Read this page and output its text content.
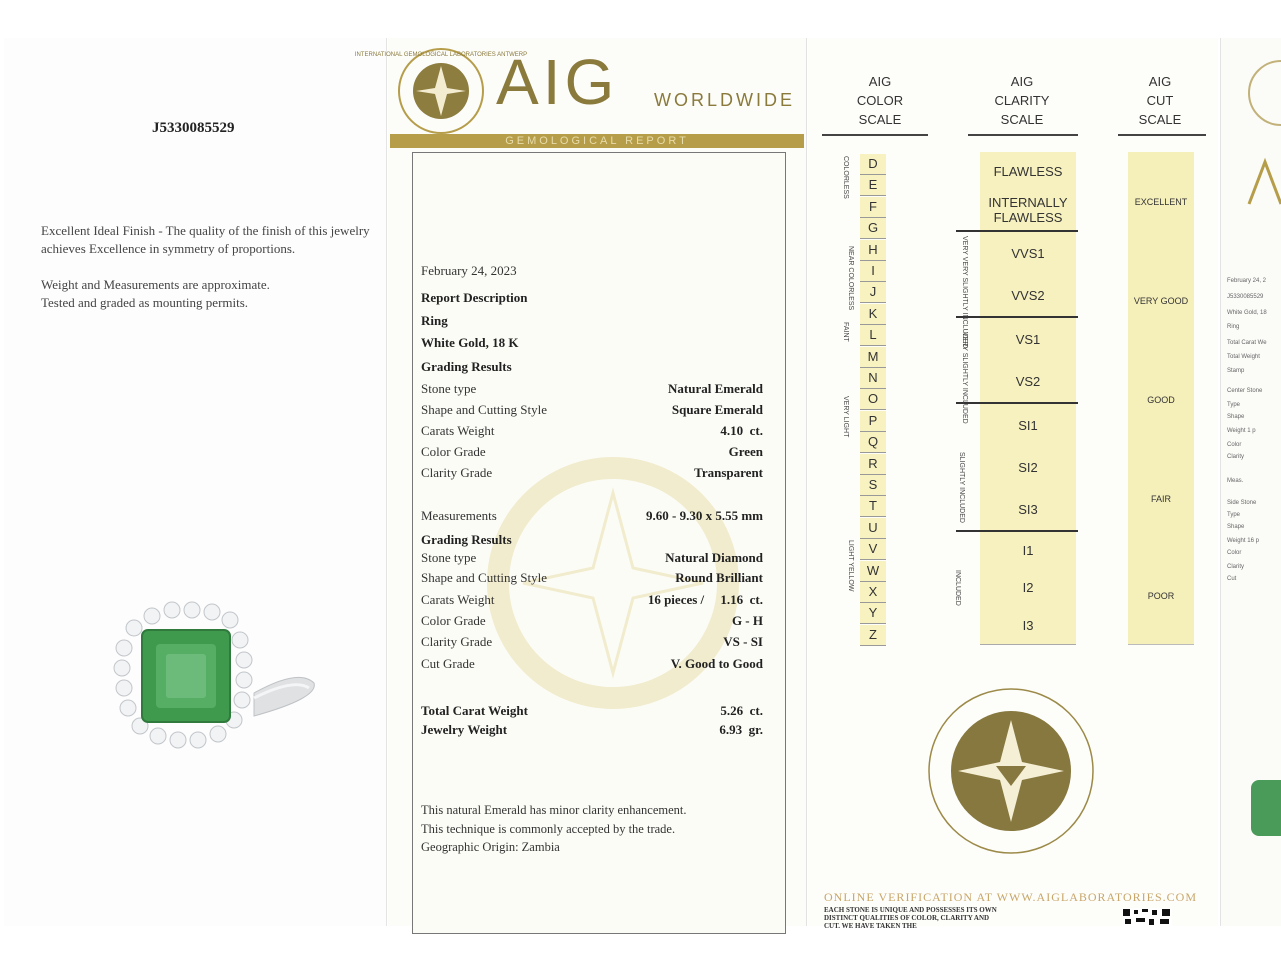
J5330085529
Excellent Ideal Finish - The quality of the finish of this jewelry achieves Excellence in symmetry of proportions.
Weight and Measurements are approximate.
Tested and graded as mounting permits.
INTERNATIONAL GEMOLOGICAL LABORATORIES ANTWERP
AIG WORLDWIDE
GEMOLOGICAL REPORT
February 24, 2023
Report Description
Ring
White Gold, 18 K
Grading Results
Stone type	Natural Emerald
Shape and Cutting Style	Square Emerald
Carats Weight	4.10  ct.
Color Grade	Green
Clarity Grade	Transparent
Measurements	9.60 - 9.30 x 5.55 mm
Grading Results
Stone type	Natural Diamond
Shape and Cutting Style	Round Brilliant
Carats Weight	16 pieces /     1.16  ct.
Color Grade	G - H
Clarity Grade	VS - SI
Cut Grade	V. Good to Good
Total Carat Weight	5.26  ct.
Jewelry Weight	6.93  gr.
This natural Emerald has minor clarity enhancement.
This technique is commonly accepted by the trade.
Geographic Origin: Zambia
AIG
COLOR
SCALE
AIG
CLARITY
SCALE
AIG
CUT
SCALE
COLORLESS
NEAR COLORLESS
FAINT
VERY LIGHT
LIGHT YELLOW
FLAWLESS
INTERNALLY FLAWLESS
VVS1
VVS2
VS1
VS2
SI1
SI2
SI3
I1
I2
I3
VERY VERY SLIGHTLY INCLUDED
VERY SLIGHTLY INCLUDED
SLIGHTLY INCLUDED
INCLUDED
EXCELLENT
VERY GOOD
GOOD
FAIR
POOR
ONLINE VERIFICATION AT WWW.AIGLABORATORIES.COM
EACH STONE IS UNIQUE AND POSSESSES ITS OWN DISTINCT QUALITIES OF COLOR, CLARITY AND CUT. WE HAVE TAKEN THE
D
E
F
G
H
I
J
K
L
M
N
O
P
Q
R
S
T
U
V
W
X
Y
Z
February 24, 2
J5330085529
White Gold, 18
Ring
Total Carat We
Total Weight
Stamp
Center Stone
Type
Shape
Weight 1 p
Color
Clarity
Meas.
Side Stone
Type
Shape
Weight 16 p
Color
Clarity
Cut
